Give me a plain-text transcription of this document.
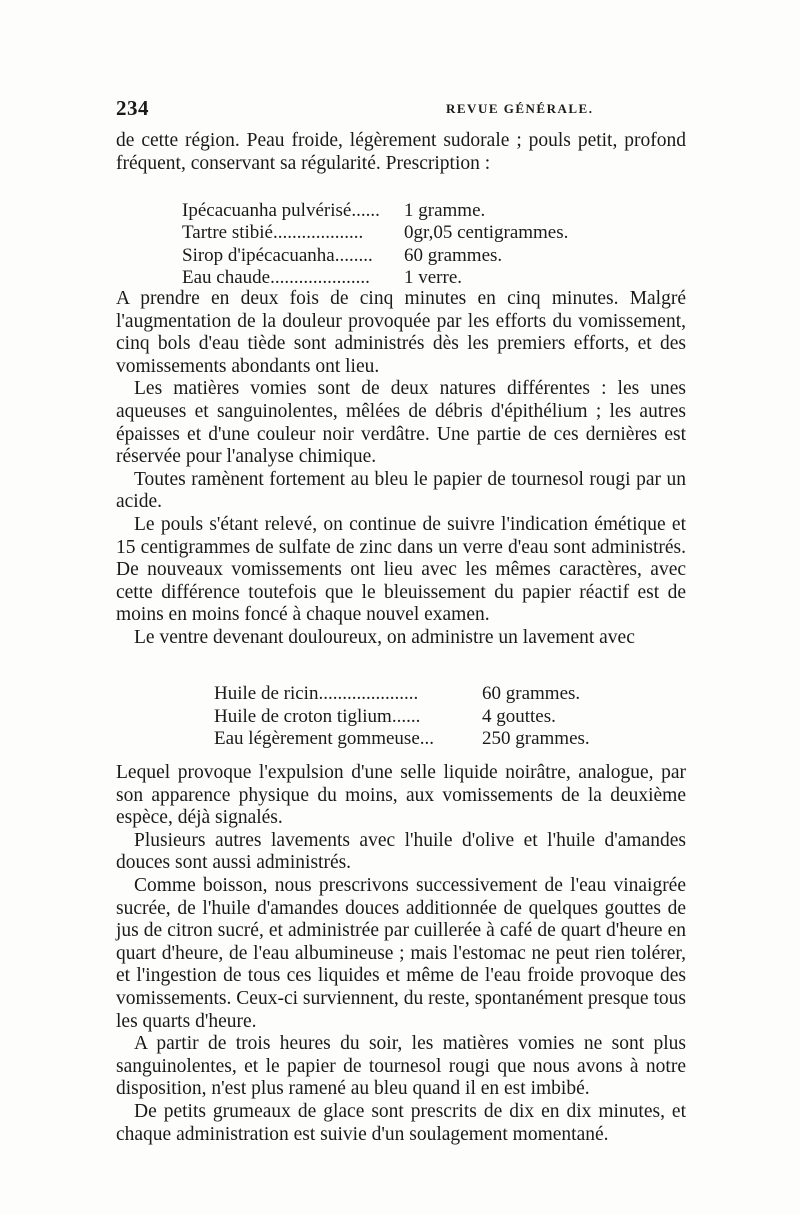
234	REVUE GÉNÉRALE.

de cette région. Peau froide, légèrement sudorale ; pouls petit, profond fréquent, conservant sa régularité. Prescription :

Ipécacuanha pulvérisé......	1 gramme.
Tartre stibié...................	0gr,05 centigrammes.
Sirop d'ipécacuanha........	60 grammes.
Eau chaude.....................	1 verre.

A prendre en deux fois de cinq minutes en cinq minutes. Malgré l'augmentation de la douleur provoquée par les efforts du vomissement, cinq bols d'eau tiède sont administrés dès les premiers efforts, et des vomissements abondants ont lieu.

Les matières vomies sont de deux natures différentes : les unes aqueuses et sanguinolentes, mêlées de débris d'épithélium ; les autres épaisses et d'une couleur noir verdâtre. Une partie de ces dernières est réservée pour l'analyse chimique.

Toutes ramènent fortement au bleu le papier de tournesol rougi par un acide.

Le pouls s'étant relevé, on continue de suivre l'indication émétique et 15 centigrammes de sulfate de zinc dans un verre d'eau sont administrés. De nouveaux vomissements ont lieu avec les mêmes caractères, avec cette différence toutefois que le bleuissement du papier réactif est de moins en moins foncé à chaque nouvel examen.

Le ventre devenant douloureux, on administre un lavement avec

Huile de ricin.....................	60 grammes.
Huile de croton tiglium......	4 gouttes.
Eau légèrement gommeuse...	250 grammes.

Lequel provoque l'expulsion d'une selle liquide noirâtre, analogue, par son apparence physique du moins, aux vomissements de la deuxième espèce, déjà signalés.

Plusieurs autres lavements avec l'huile d'olive et l'huile d'amandes douces sont aussi administrés.

Comme boisson, nous prescrivons successivement de l'eau vinaigrée sucrée, de l'huile d'amandes douces additionnée de quelques gouttes de jus de citron sucré, et administrée par cuillerée à café de quart d'heure en quart d'heure, de l'eau albumineuse ; mais l'estomac ne peut rien tolérer, et l'ingestion de tous ces liquides et même de l'eau froide provoque des vomissements. Ceux-ci surviennent, du reste, spontanément presque tous les quarts d'heure.

A partir de trois heures du soir, les matières vomies ne sont plus sanguinolentes, et le papier de tournesol rougi que nous avons à notre disposition, n'est plus ramené au bleu quand il en est imbibé.

De petits grumeaux de glace sont prescrits de dix en dix minutes, et chaque administration est suivie d'un soulagement momentané.
